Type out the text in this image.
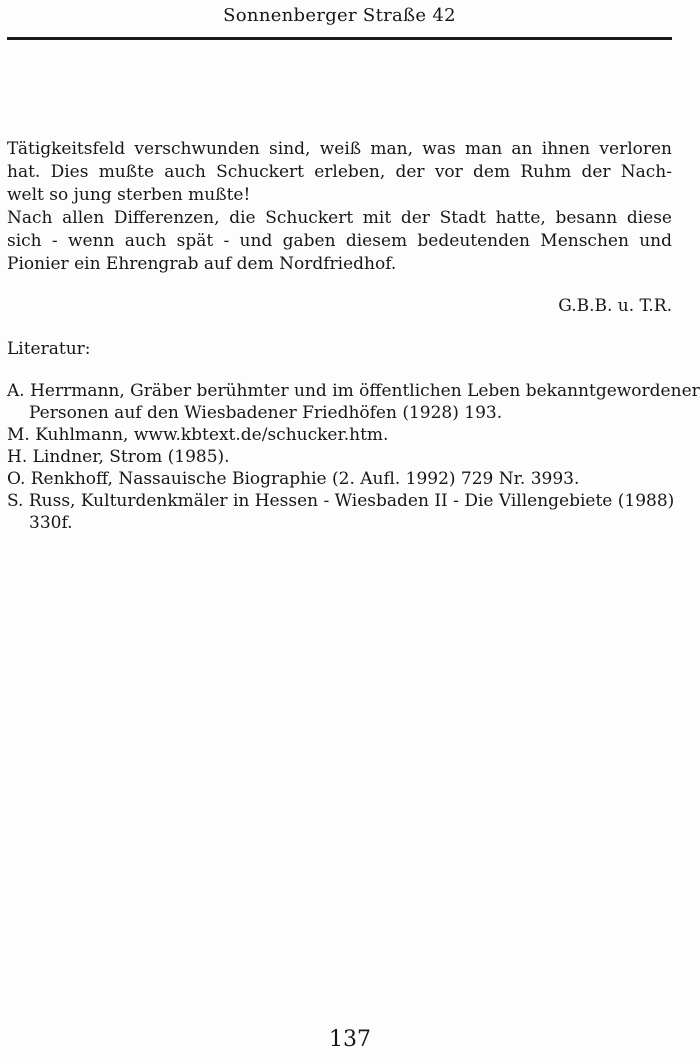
Sonnenberger Straße 42
Tätigkeitsfeld verschwunden sind, weiß man, was man an ihnen verloren
hat. Dies mußte auch Schuckert erleben, der vor dem Ruhm der Nach-
welt so jung sterben mußte!
Nach allen Differenzen, die Schuckert mit der Stadt hatte, besann diese
sich - wenn auch spät - und gaben diesem bedeutenden Menschen und
Pionier ein Ehrengrab auf dem Nordfriedhof.
G.B.B. u. T.R.
Literatur:
A. Herrmann, Gräber berühmter und im öffentlichen Leben bekanntgewordener
Personen auf den Wiesbadener Friedhöfen (1928) 193.
M. Kuhlmann, www.kbtext.de/schucker.htm.
H. Lindner, Strom (1985).
O. Renkhoff, Nassauische Biographie (2. Aufl. 1992) 729 Nr. 3993.
S. Russ, Kulturdenkmäler in Hessen - Wiesbaden II - Die Villengebiete (1988)
330f.
137
